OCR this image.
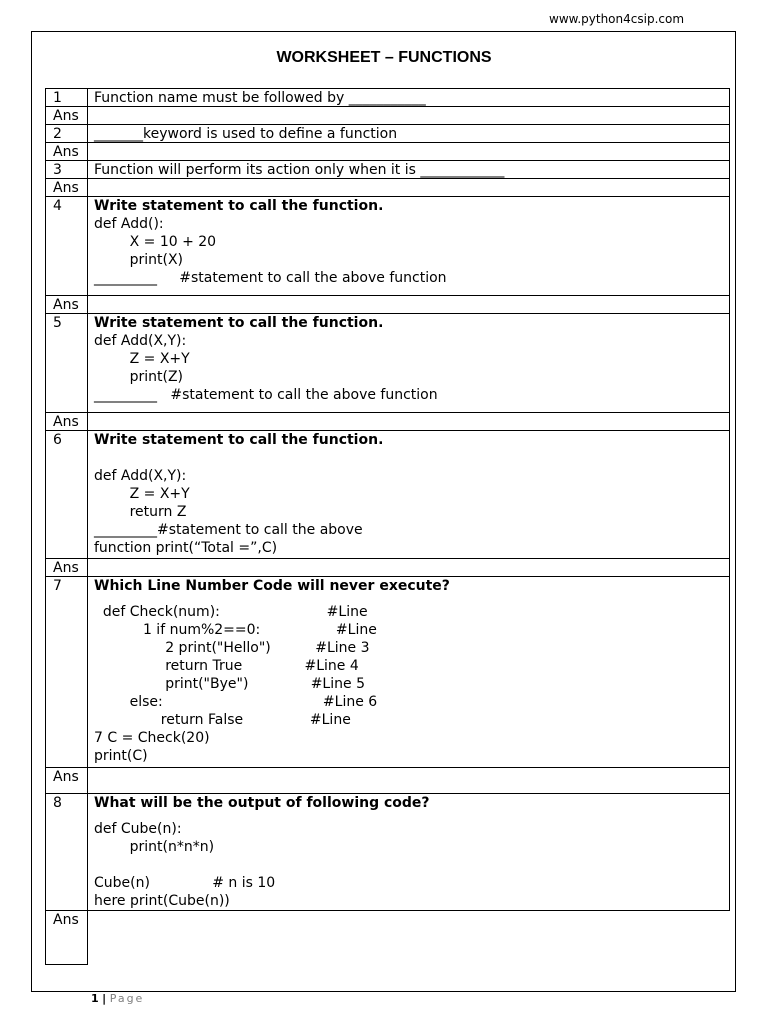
www.python4csip.com
WORKSHEET – FUNCTIONS
1	Function name must be followed by ___________
Ans
2	_______keyword is used to define a function
Ans
3	Function will perform its action only when it is ____________
Ans
4	Write statement to call the function.
def Add():
X = 10 + 20
print(X)
_________     #statement to call the above function
Ans
5	Write statement to call the function.
def Add(X,Y):
Z = X+Y
print(Z)
_________   #statement to call the above function
Ans
6	Write statement to call the function.
def Add(X,Y):
Z = X+Y
return Z
_________#statement to call the above
function print(“Total =”,C)
Ans
7	Which Line Number Code will never execute?
def Check(num):                        #Line
1 if num%2==0:                 #Line
2 print("Hello")          #Line 3
return True              #Line 4
print("Bye")              #Line 5
else:                                    #Line 6
return False               #Line
7 C = Check(20)
print(C)
Ans
8	What will be the output of following code?
def Cube(n):
print(n*n*n)
Cube(n)              # n is 10
here print(Cube(n))
Ans
1 | Page
